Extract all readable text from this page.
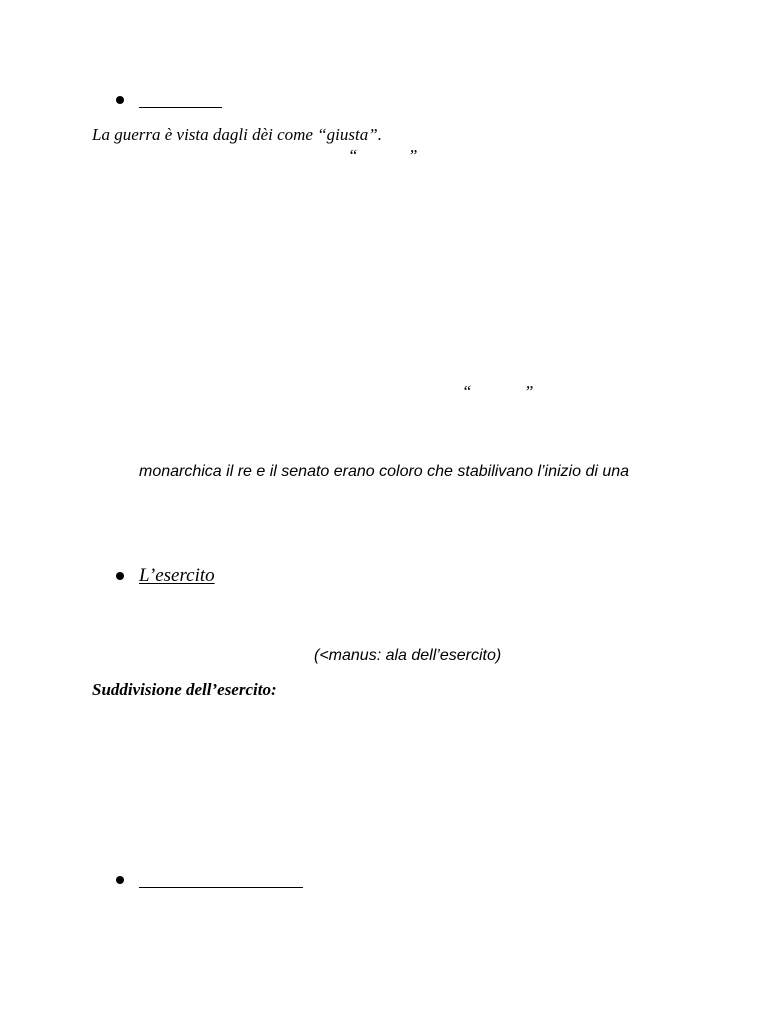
La guerra è vista dagli dèi come “giusta”.
“	”
“	”
monarchica il re e il senato erano coloro che stabilivano l’inizio di una
L’esercito
(<manus: ala dell’esercito)
Suddivisione dell’esercito:
